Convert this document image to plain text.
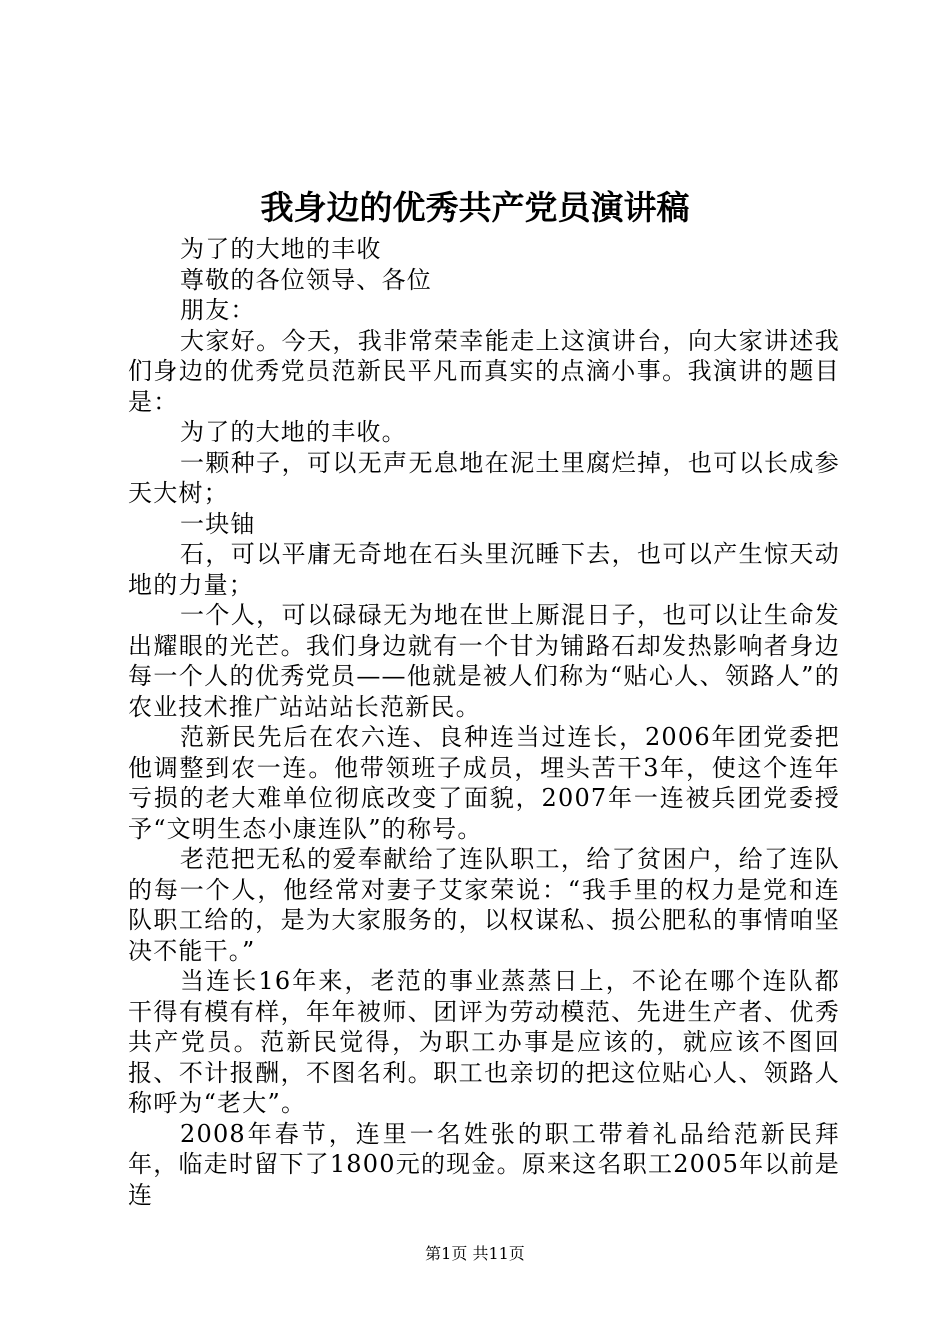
我身边的优秀共产党员演讲稿

为了的大地的丰收

尊敬的各位领导、各位

朋友：

大家好。今天，我非常荣幸能走上这演讲台，向大家讲述我们身边的优秀党员范新民平凡而真实的点滴小事。我演讲的题目是：

为了的大地的丰收。

一颗种子，可以无声无息地在泥土里腐烂掉，也可以长成参天大树；

一块铀

石，可以平庸无奇地在石头里沉睡下去，也可以产生惊天动地的力量；

一个人，可以碌碌无为地在世上厮混日子，也可以让生命发出耀眼的光芒。我们身边就有一个甘为铺路石却发热影响者身边每一个人的优秀党员——他就是被人们称为“贴心人、领路人”的农业技术推广站站站长范新民。

范新民先后在农六连、良种连当过连长，2006年团党委把他调整到农一连。他带领班子成员，埋头苦干3年，使这个连年亏损的老大难单位彻底改变了面貌，2007年一连被兵团党委授予“文明生态小康连队”的称号。

老范把无私的爱奉献给了连队职工，给了贫困户，给了连队的每一个人，他经常对妻子艾家荣说：“我手里的权力是党和连队职工给的，是为大家服务的，以权谋私、损公肥私的事情咱坚决不能干。”

当连长16年来，老范的事业蒸蒸日上，不论在哪个连队都干得有模有样，年年被师、团评为劳动模范、先进生产者、优秀共产党员。范新民觉得，为职工办事是应该的，就应该不图回报、不计报酬，不图名利。职工也亲切的把这位贴心人、领路人称呼为“老大”。

2008年春节，连里一名姓张的职工带着礼品给范新民拜年，临走时留下了1800元的现金。原来这名职工2005年以前是连

第1页 共11页
